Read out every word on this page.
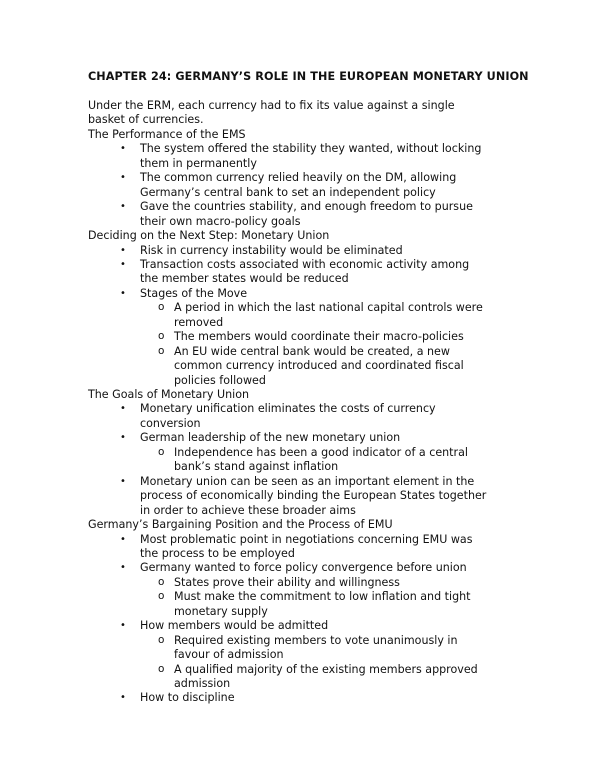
CHAPTER 24: GERMANY’S ROLE IN THE EUROPEAN MONETARY UNION
Under the ERM, each currency had to fix its value against a single
basket of currencies.
The Performance of the EMS
• The system offered the stability they wanted, without locking
them in permanently
• The common currency relied heavily on the DM, allowing
Germany’s central bank to set an independent policy
• Gave the countries stability, and enough freedom to pursue
their own macro-policy goals
Deciding on the Next Step: Monetary Union
• Risk in currency instability would be eliminated
• Transaction costs associated with economic activity among
the member states would be reduced
• Stages of the Move
o A period in which the last national capital controls were
removed
o The members would coordinate their macro-policies
o An EU wide central bank would be created, a new
common currency introduced and coordinated fiscal
policies followed
The Goals of Monetary Union
• Monetary unification eliminates the costs of currency
conversion
• German leadership of the new monetary union
o Independence has been a good indicator of a central
bank’s stand against inflation
• Monetary union can be seen as an important element in the
process of economically binding the European States together
in order to achieve these broader aims
Germany’s Bargaining Position and the Process of EMU
• Most problematic point in negotiations concerning EMU was
the process to be employed
• Germany wanted to force policy convergence before union
o States prove their ability and willingness
o Must make the commitment to low inflation and tight
monetary supply
• How members would be admitted
o Required existing members to vote unanimously in
favour of admission
o A qualified majority of the existing members approved
admission
• How to discipline
